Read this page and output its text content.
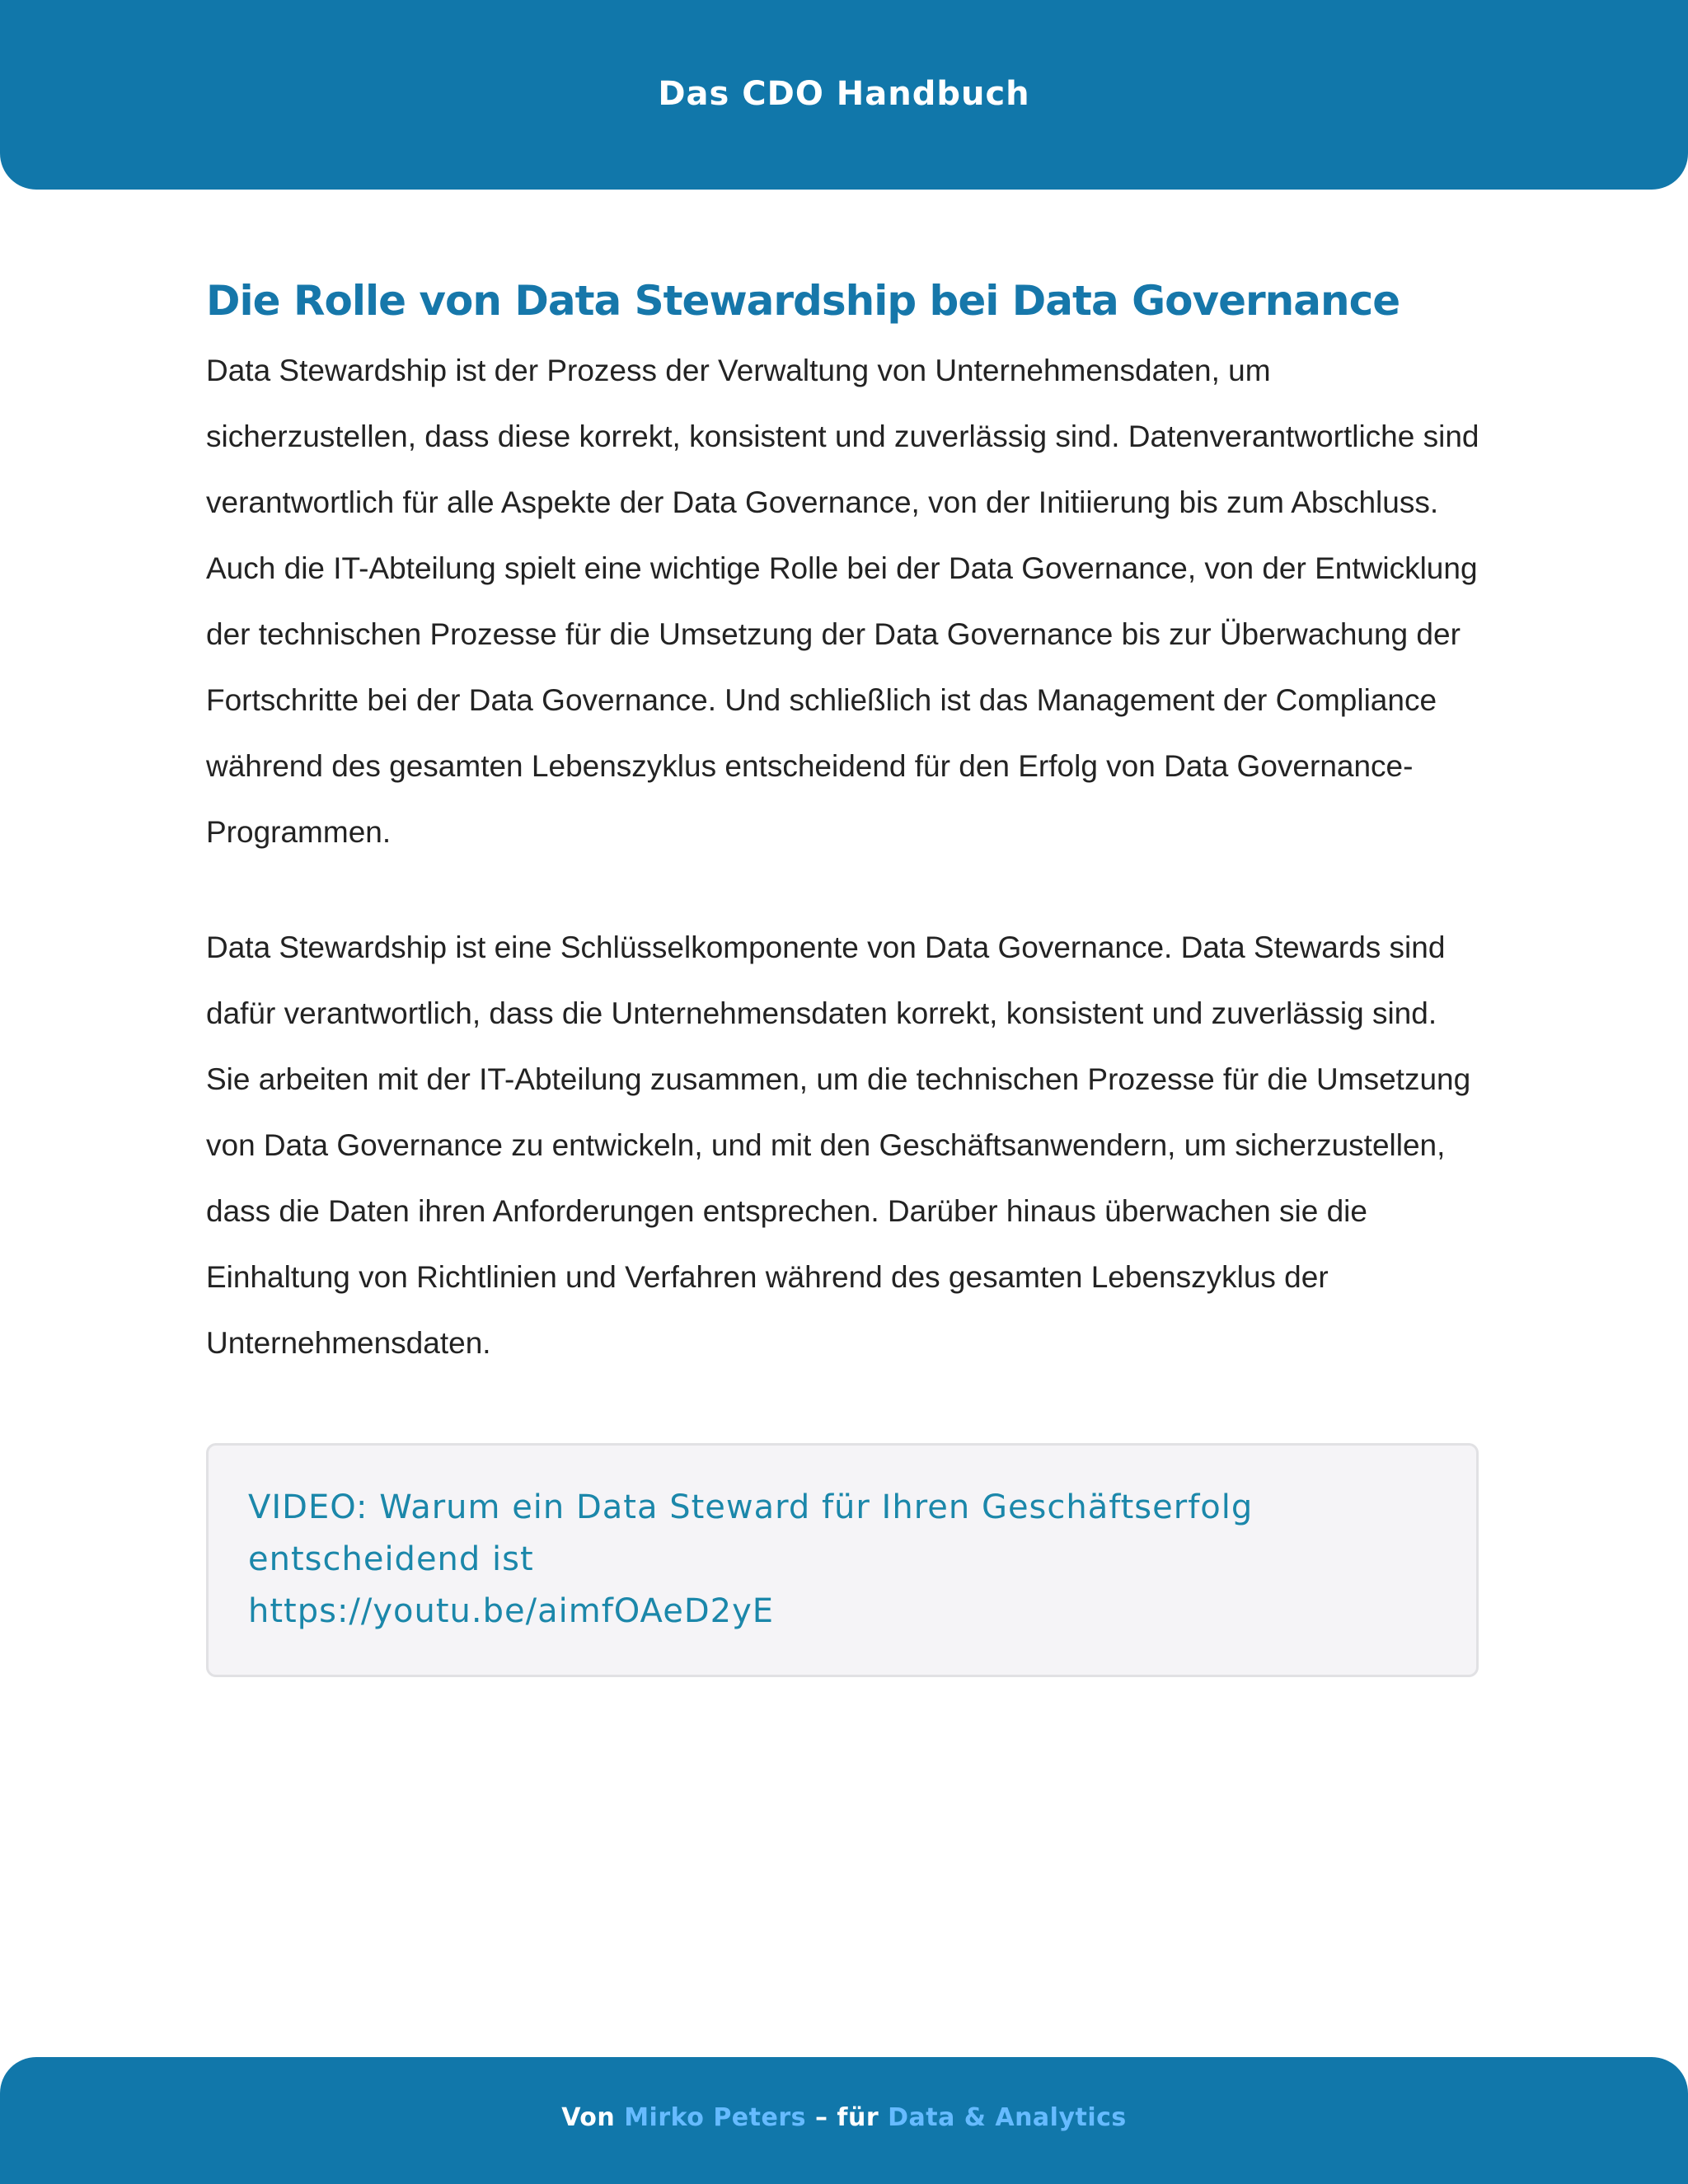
Das CDO Handbuch
Die Rolle von Data Stewardship bei Data Governance

Data Stewardship ist der Prozess der Verwaltung von Unternehmensdaten, um sicherzustellen, dass diese korrekt, konsistent und zuverlässig sind. Datenverantwortliche sind verantwortlich für alle Aspekte der Data Governance, von der Initiierung bis zum Abschluss. Auch die IT-Abteilung spielt eine wichtige Rolle bei der Data Governance, von der Entwicklung der technischen Prozesse für die Umsetzung der Data Governance bis zur Überwachung der Fortschritte bei der Data Governance. Und schließlich ist das Management der Compliance während des gesamten Lebenszyklus entscheidend für den Erfolg von Data Governance-Programmen.

Data Stewardship ist eine Schlüsselkomponente von Data Governance. Data Stewards sind dafür verantwortlich, dass die Unternehmensdaten korrekt, konsistent und zuverlässig sind. Sie arbeiten mit der IT-Abteilung zusammen, um die technischen Prozesse für die Umsetzung von Data Governance zu entwickeln, und mit den Geschäftsanwendern, um sicherzustellen, dass die Daten ihren Anforderungen entsprechen. Darüber hinaus überwachen sie die Einhaltung von Richtlinien und Verfahren während des gesamten Lebenszyklus der Unternehmensdaten.

VIDEO: Warum ein Data Steward für Ihren Geschäftserfolg entscheidend ist
https://youtu.be/aimfOAeD2yE
Von Mirko Peters – für Data & Analytics
